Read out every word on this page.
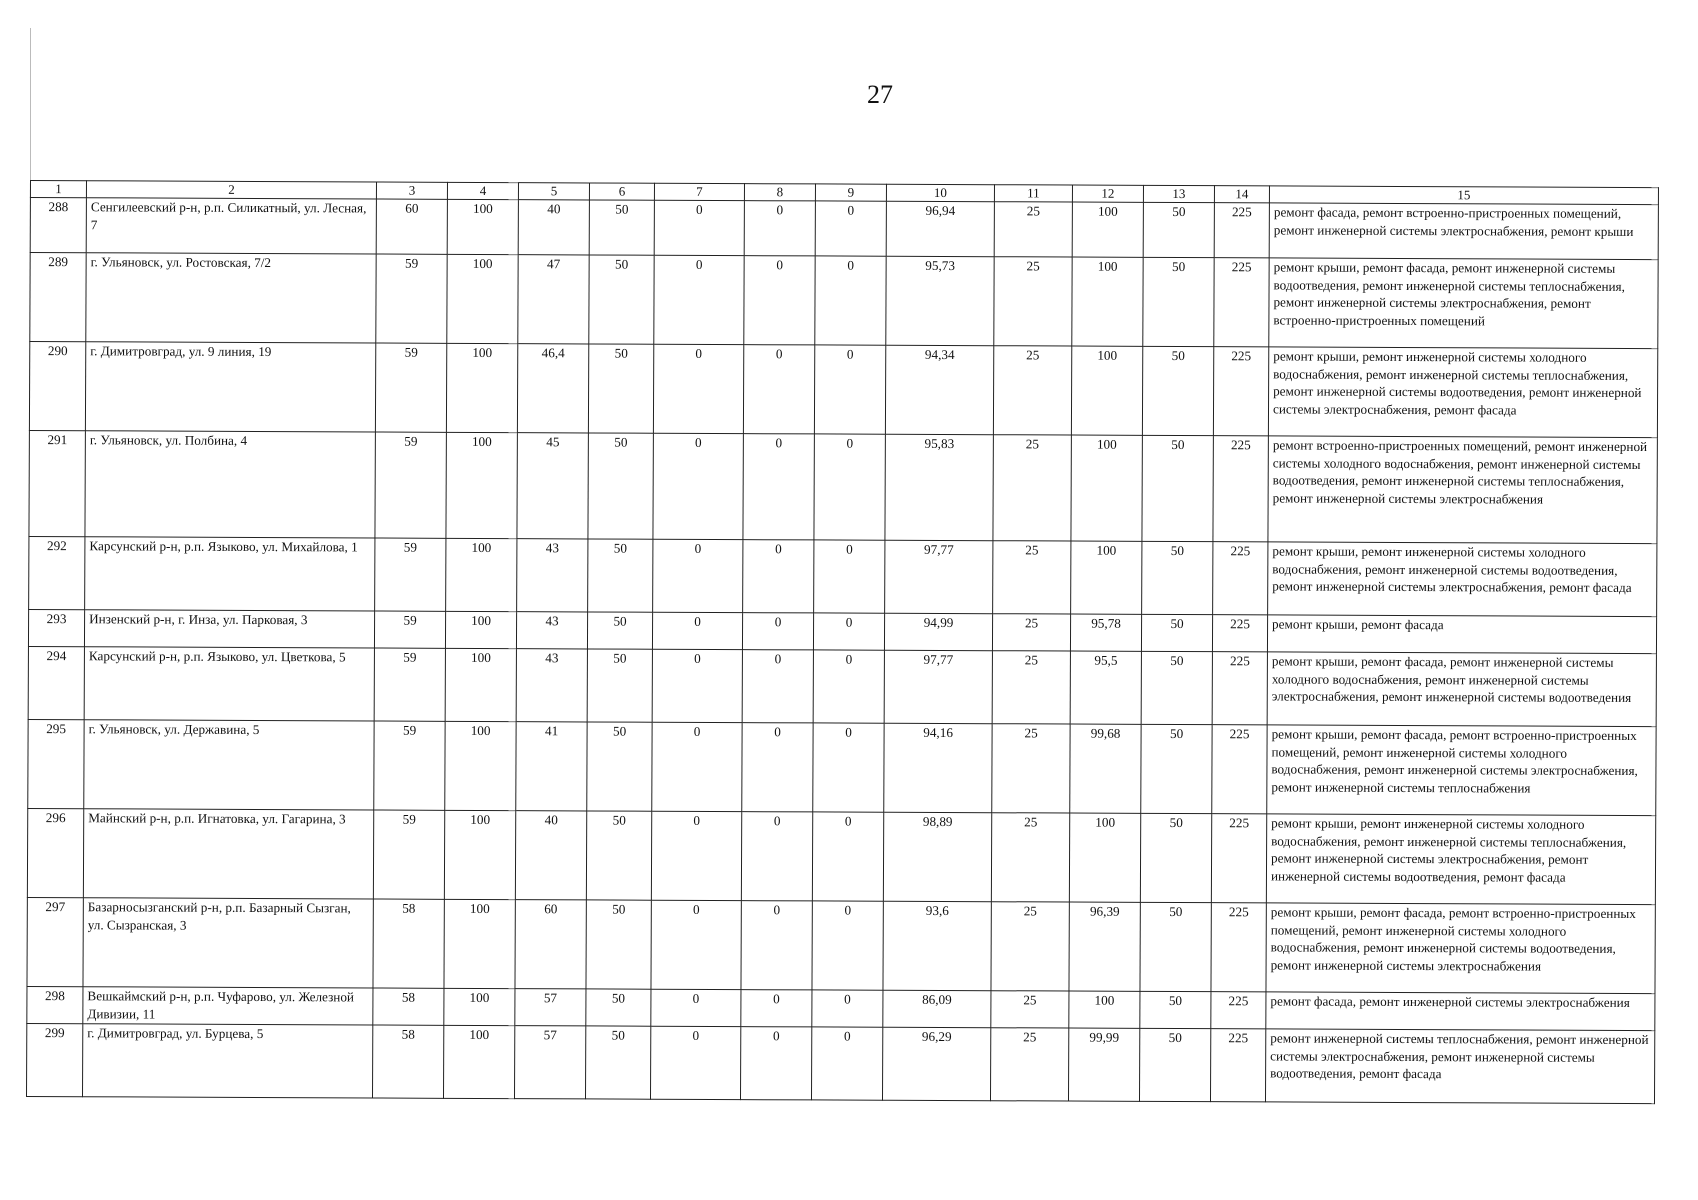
27
1	2	3	4	5	6	7	8	9	10	11	12	13	14	15
288	Сенгилеевский р-н, р.п. Силикатный, ул. Лесная, 7	60	100	40	50	0	0	0	96,94	25	100	50	225	ремонт фасада, ремонт встроенно-пристроенных помещений, ремонт инженерной системы электроснабжения, ремонт крыши
289	г. Ульяновск, ул. Ростовская, 7/2	59	100	47	50	0	0	0	95,73	25	100	50	225	ремонт крыши, ремонт фасада, ремонт инженерной системы водоотведения, ремонт инженерной системы теплоснабжения, ремонт инженерной системы электроснабжения, ремонт встроенно-пристроенных помещений
290	г. Димитровград, ул. 9 линия, 19	59	100	46,4	50	0	0	0	94,34	25	100	50	225	ремонт крыши, ремонт инженерной системы холодного водоснабжения, ремонт инженерной системы теплоснабжения, ремонт инженерной системы водоотведения, ремонт инженерной системы электроснабжения, ремонт фасада
291	г. Ульяновск, ул. Полбина, 4	59	100	45	50	0	0	0	95,83	25	100	50	225	ремонт встроенно-пристроенных помещений, ремонт инженерной системы холодного водоснабжения, ремонт инженерной системы водоотведения, ремонт инженерной системы теплоснабжения, ремонт инженерной системы электроснабжения
292	Карсунский р-н, р.п. Языково, ул. Михайлова, 1	59	100	43	50	0	0	0	97,77	25	100	50	225	ремонт крыши, ремонт инженерной системы холодного водоснабжения, ремонт инженерной системы водоотведения, ремонт инженерной системы электроснабжения, ремонт фасада
293	Инзенский р-н, г. Инза, ул. Парковая, 3	59	100	43	50	0	0	0	94,99	25	95,78	50	225	ремонт крыши, ремонт фасада
294	Карсунский р-н, р.п. Языково, ул. Цветкова, 5	59	100	43	50	0	0	0	97,77	25	95,5	50	225	ремонт крыши, ремонт фасада, ремонт инженерной системы холодного водоснабжения, ремонт инженерной системы электроснабжения, ремонт инженерной системы водоотведения
295	г. Ульяновск, ул. Державина, 5	59	100	41	50	0	0	0	94,16	25	99,68	50	225	ремонт крыши, ремонт фасада, ремонт встроенно-пристроенных помещений, ремонт инженерной системы холодного водоснабжения, ремонт инженерной системы электроснабжения, ремонт инженерной системы теплоснабжения
296	Майнский р-н, р.п. Игнатовка, ул. Гагарина, 3	59	100	40	50	0	0	0	98,89	25	100	50	225	ремонт крыши, ремонт инженерной системы холодного водоснабжения, ремонт инженерной системы теплоснабжения, ремонт инженерной системы электроснабжения, ремонт инженерной системы водоотведения, ремонт фасада
297	Базарносызганский р-н, р.п. Базарный Сызган, ул. Сызранская, 3	58	100	60	50	0	0	0	93,6	25	96,39	50	225	ремонт крыши, ремонт фасада, ремонт встроенно-пристроенных помещений, ремонт инженерной системы холодного водоснабжения, ремонт инженерной системы водоотведения, ремонт инженерной системы электроснабжения
298	Вешкаймский р-н, р.п. Чуфарово, ул. Железной Дивизии, 11	58	100	57	50	0	0	0	86,09	25	100	50	225	ремонт фасада, ремонт инженерной системы электроснабжения
299	г. Димитровград, ул. Бурцева, 5	58	100	57	50	0	0	0	96,29	25	99,99	50	225	ремонт инженерной системы теплоснабжения, ремонт инженерной системы электроснабжения, ремонт инженерной системы водоотведения, ремонт фасада
